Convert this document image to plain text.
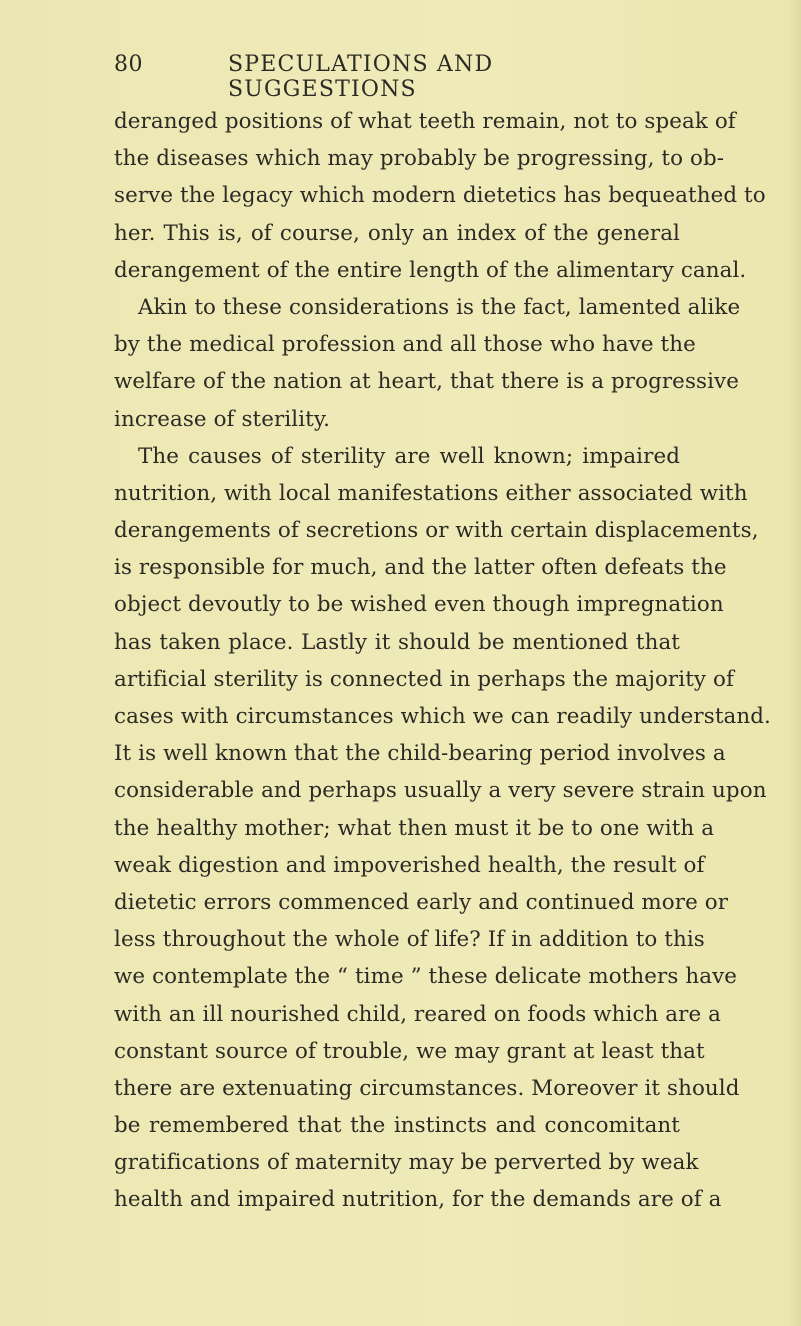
80	SPECULATIONS AND SUGGESTIONS
deranged positions of what teeth remain, not to speak of
the diseases which may probably be progressing, to ob-
serve the legacy which modern dietetics has bequeathed to
her. This is, of course, only an index of the general
derangement of the entire length of the alimentary canal.
Akin to these considerations is the fact, lamented alike
by the medical profession and all those who have the
welfare of the nation at heart, that there is a progressive
increase of sterility.
The causes of sterility are well known; impaired
nutrition, with local manifestations either associated with
derangements of secretions or with certain displacements,
is responsible for much, and the latter often defeats the
object devoutly to be wished even though impregnation
has taken place. Lastly it should be mentioned that
artificial sterility is connected in perhaps the majority of
cases with circumstances which we can readily understand.
It is well known that the child-bearing period involves a
considerable and perhaps usually a very severe strain upon
the healthy mother; what then must it be to one with a
weak digestion and impoverished health, the result of
dietetic errors commenced early and continued more or
less throughout the whole of life? If in addition to this
we contemplate the “ time ” these delicate mothers have
with an ill nourished child, reared on foods which are a
constant source of trouble, we may grant at least that
there are extenuating circumstances. Moreover it should
be remembered that the instincts and concomitant
gratifications of maternity may be perverted by weak
health and impaired nutrition, for the demands are of a
